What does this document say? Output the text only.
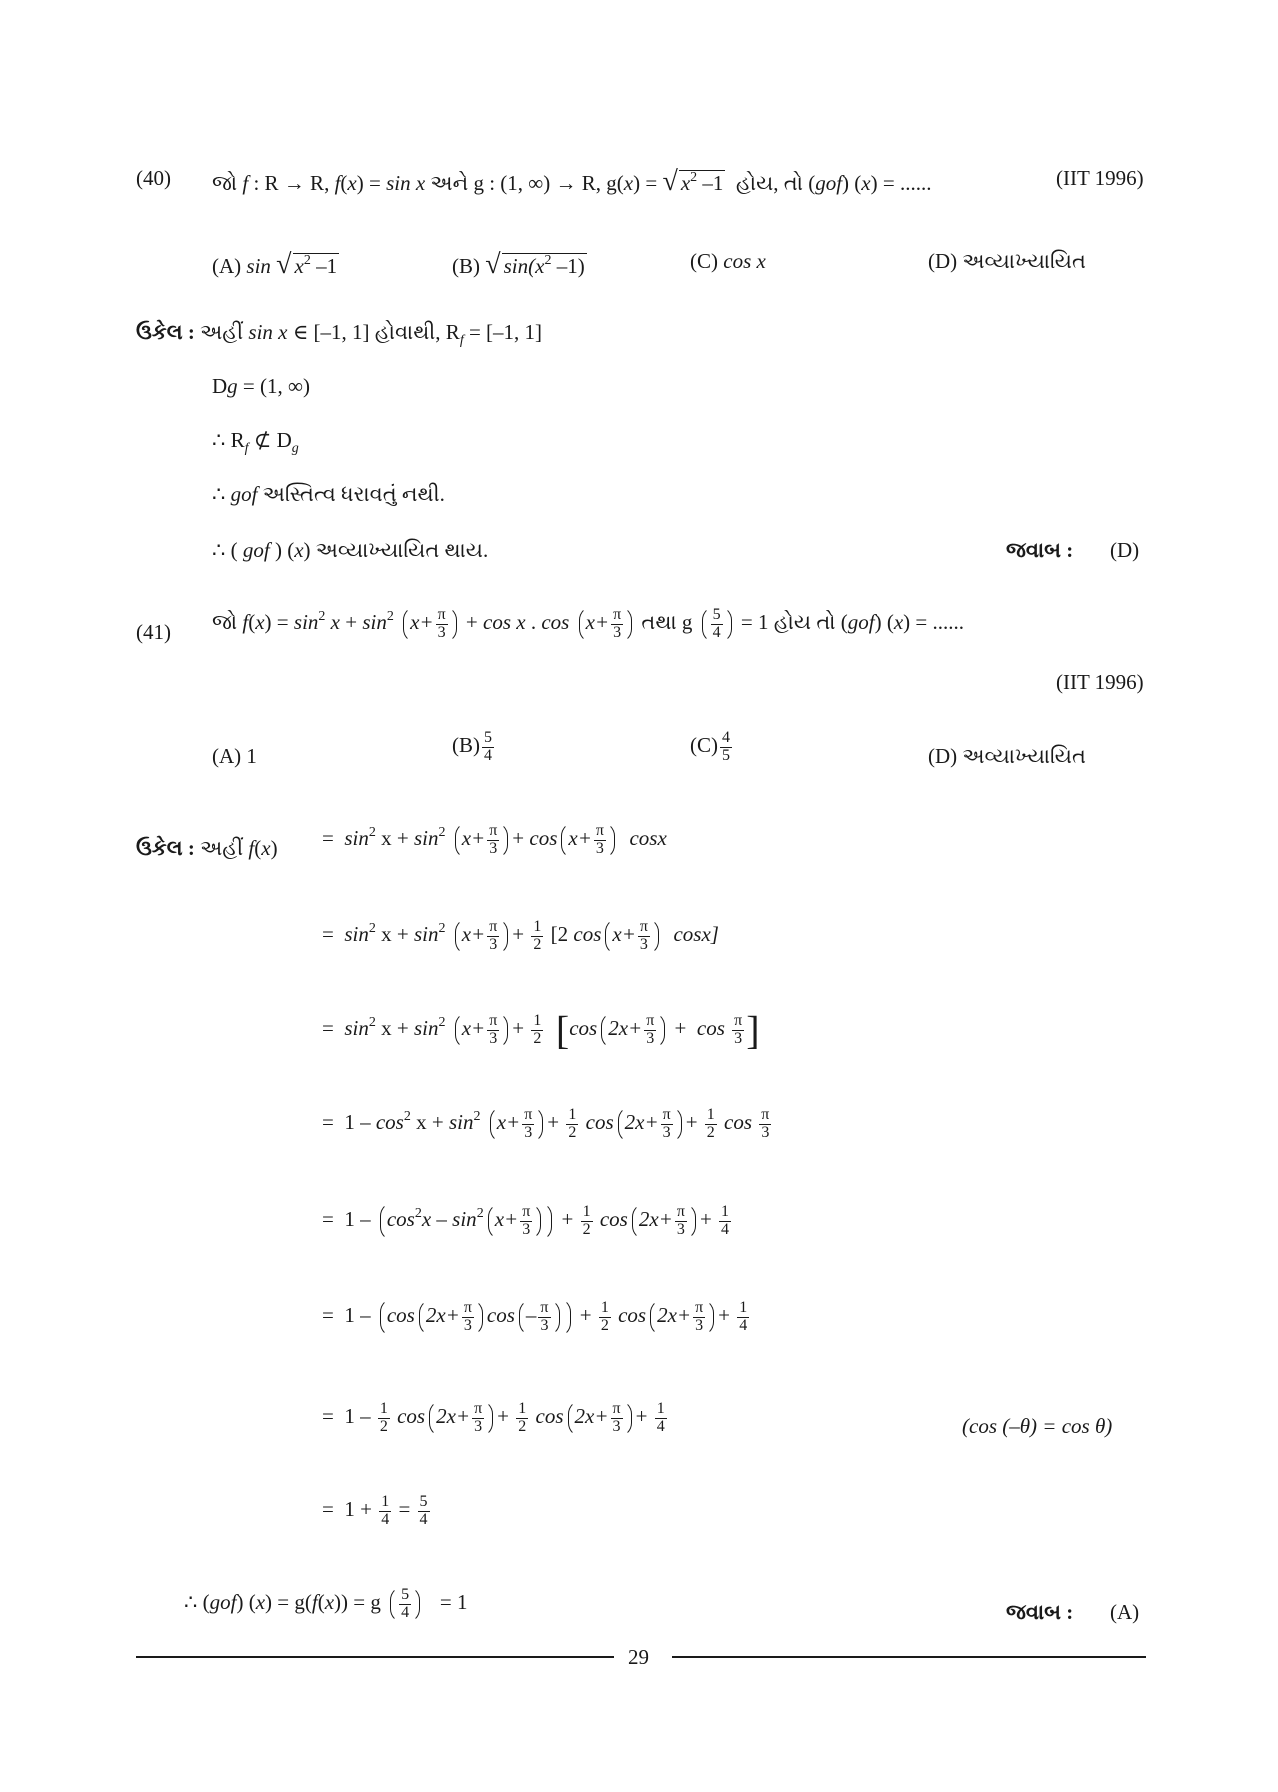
(40) જો f : R → R, f(x) = sin x અને g : (1, ∞) → R, g(x) = √ $x^2$ –1 હોય, તો (gof) (x) = ......	(IIT 1996)
(A) sin √ $x^2$ –1	(B) √ $\sin(x^2$ –1)	(C) cos x	(D) અવ્યાખ્યાયિત
ઉકેલ : અહીં sin x ∈ [–1, 1] હોવાથી, $R_f = [-1$, 1]
Dg = (1, ∞)
∴ $R_f$ ⊄ $D_g$
∴ gof અસ્તિત્વ ધરાવતું નથી.
∴ ( gof ) (x) અવ્યાખ્યાયિત થાય.	જવાબ : (D)
(41) જો $f(x) = \sin^2 x + \sin^2 x+ \frac{\pi}{3} + \cos x$ . $\cos x+ \frac{\pi}{3}$ તથા g $\frac{5}{4} = 1$ હોય તો (gof) (x) = ......
(IIT 1996)
(A) 1	$(B) \frac{5}{4}$	$(C) \frac{4}{5}$	(D) અવ્યાખ્યાયિત
ઉકેલ : અહીં $f(x) = \sin^2 x + \sin^2 x+ \frac{\pi}{3} + \cos x+ \frac{\pi}{3}$ cosx
= $\sin^2 x + \sin^2 x+ \frac{\pi}{3} + \frac{1}{2} [2$ $\cos x+ \frac{\pi}{3} \cos x$]
= $\sin^2 x + \sin^2 x+ \frac{\pi}{3} + \frac{1}{2} [\cos$ $2x+ \frac{\pi}{3} + \cos \frac{\pi}{3}$ ]
= $1 - \cos^2 x + \sin^2 x+ \frac{\pi}{3} + \frac{1}{2}$ $\cos 2x+ \frac{\pi}{3} + \frac{1}{2}$ $\cos \frac{\pi}{3}$
= $1 - \cos^2x - \sin^2 x+ \frac{\pi}{3} + \frac{1}{2}$ $\cos 2x+ \frac{\pi}{3} + \frac{1}{4}$
= $1 - \cos 2x+ \frac{\pi}{3}$ $\cos - \frac{\pi}{3} + \frac{1}{2}$ $\cos 2x+ \frac{\pi}{3} + \frac{1}{4}$
= $1 - \frac{1}{2}$ $\cos 2x+ \frac{\pi}{3} + \frac{1}{2}$ $\cos 2x+ \frac{\pi}{3} + \frac{1}{4}$	(cos (–θ) = cos θ)
= $1 + \frac{1}{4} = \frac{5}{4}$
∴ (gof) (x) = g(f(x)) = g $\frac{5}{4} = 1$	જવાબ : (A)
29
